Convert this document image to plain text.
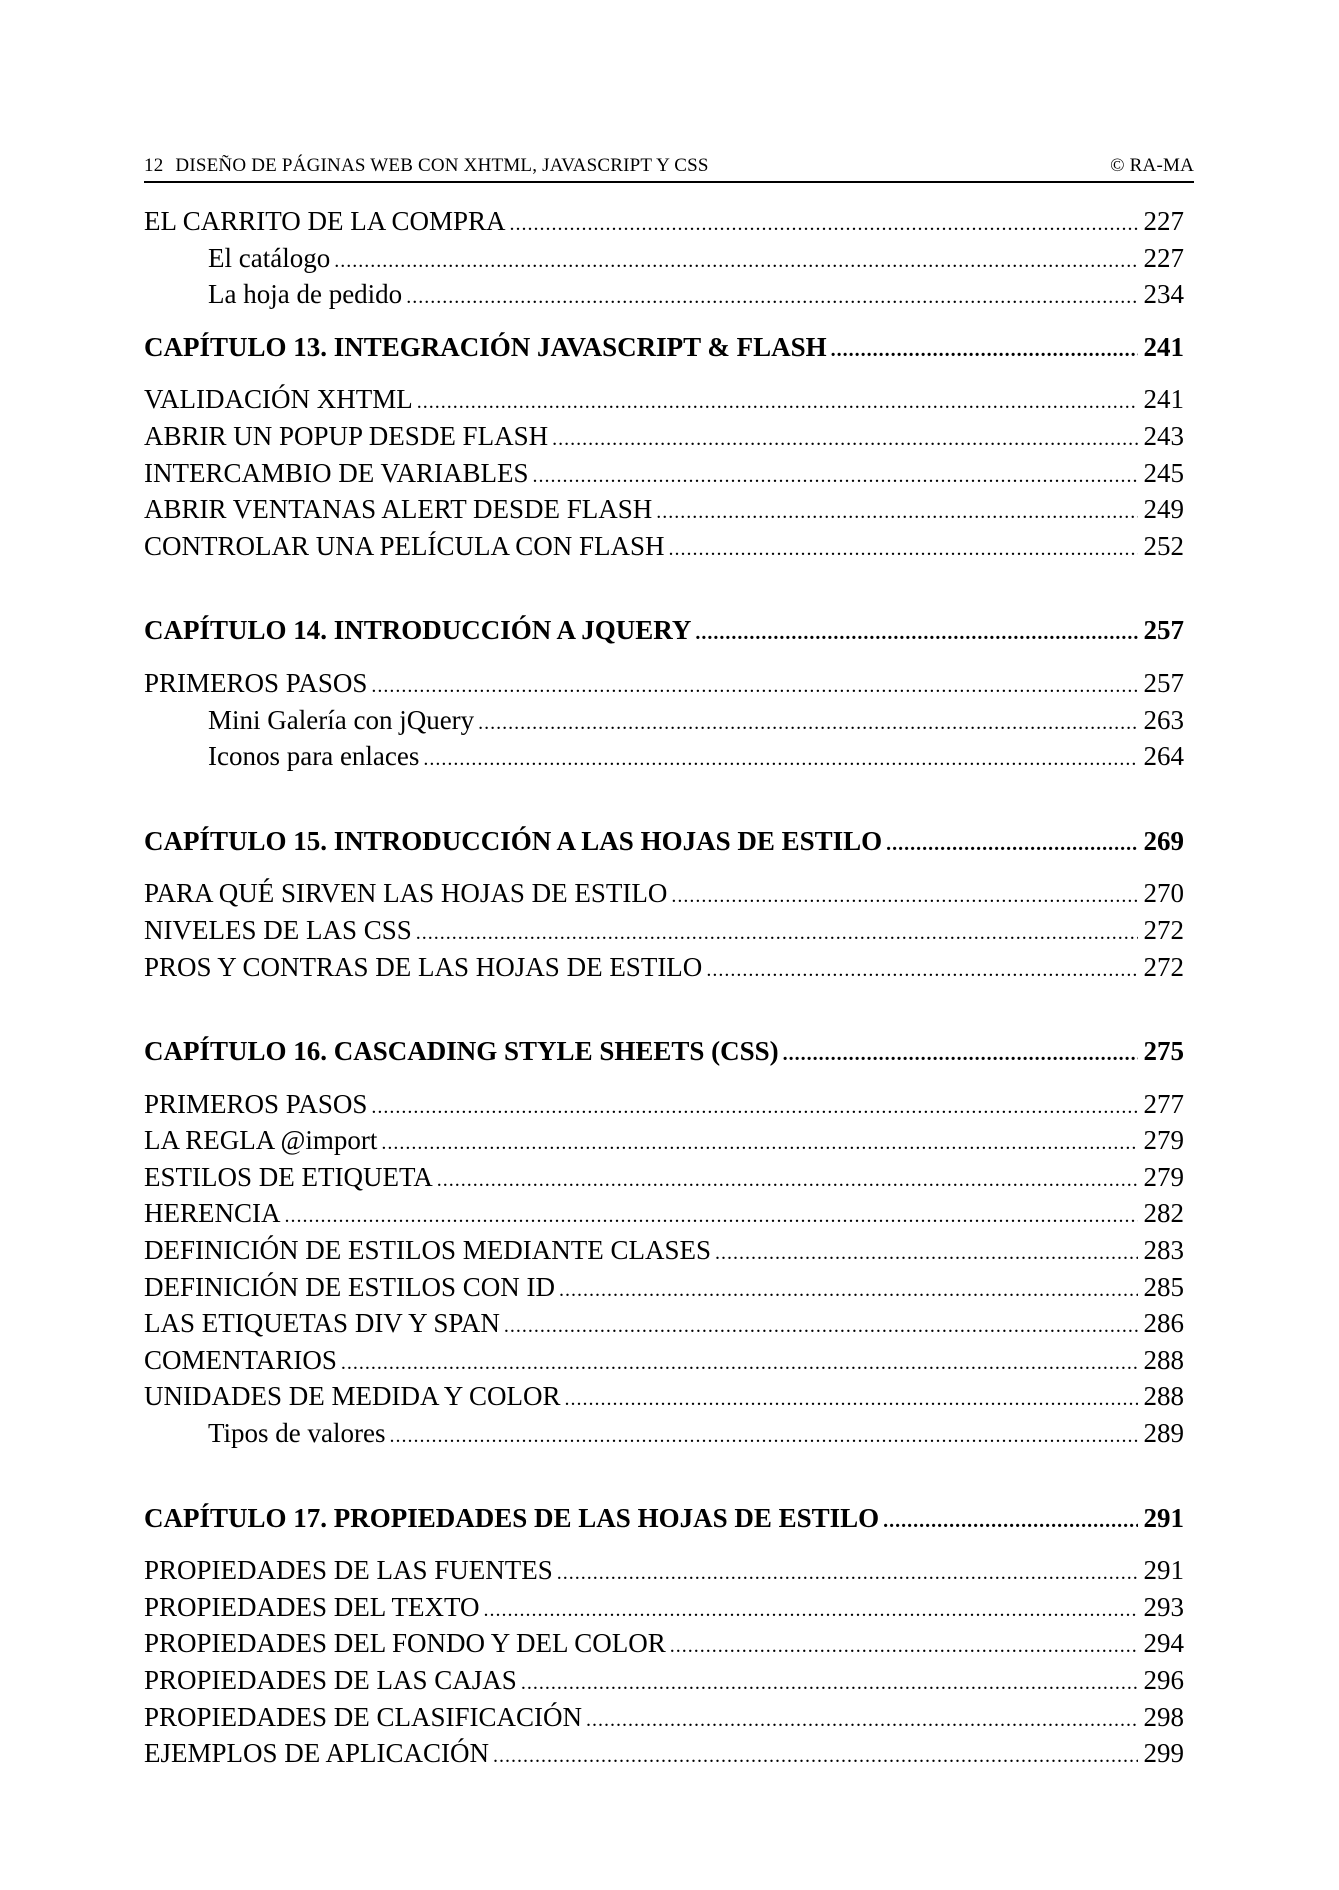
12 DISEÑO DE PÁGINAS WEB CON XHTML, JAVASCRIPT Y CSS	© RA-MA
EL CARRITO DE LA COMPRA .....	227
El catálogo .....	227
La hoja de pedido .....	234
CAPÍTULO 13. INTEGRACIÓN JAVASCRIPT & FLASH .....	241
VALIDACIÓN XHTML .....	241
ABRIR UN POPUP DESDE FLASH .....	243
INTERCAMBIO DE VARIABLES .....	245
ABRIR VENTANAS ALERT DESDE FLASH .....	249
CONTROLAR UNA PELÍCULA CON FLASH .....	252
CAPÍTULO 14. INTRODUCCIÓN A JQUERY .....	257
PRIMEROS PASOS .....	257
Mini Galería con jQuery .....	263
Iconos para enlaces .....	264
CAPÍTULO 15. INTRODUCCIÓN A LAS HOJAS DE ESTILO .....	269
PARA QUÉ SIRVEN LAS HOJAS DE ESTILO .....	270
NIVELES DE LAS CSS .....	272
PROS Y CONTRAS DE LAS HOJAS DE ESTILO .....	272
CAPÍTULO 16. CASCADING STYLE SHEETS (CSS) .....	275
PRIMEROS PASOS .....	277
LA REGLA @import .....	279
ESTILOS DE ETIQUETA .....	279
HERENCIA .....	282
DEFINICIÓN DE ESTILOS MEDIANTE CLASES .....	283
DEFINICIÓN DE ESTILOS CON ID .....	285
LAS ETIQUETAS DIV Y SPAN .....	286
COMENTARIOS .....	288
UNIDADES DE MEDIDA Y COLOR .....	288
Tipos de valores .....	289
CAPÍTULO 17. PROPIEDADES DE LAS HOJAS DE ESTILO .....	291
PROPIEDADES DE LAS FUENTES .....	291
PROPIEDADES DEL TEXTO .....	293
PROPIEDADES DEL FONDO Y DEL COLOR .....	294
PROPIEDADES DE LAS CAJAS .....	296
PROPIEDADES DE CLASIFICACIÓN .....	298
EJEMPLOS DE APLICACIÓN .....	299
